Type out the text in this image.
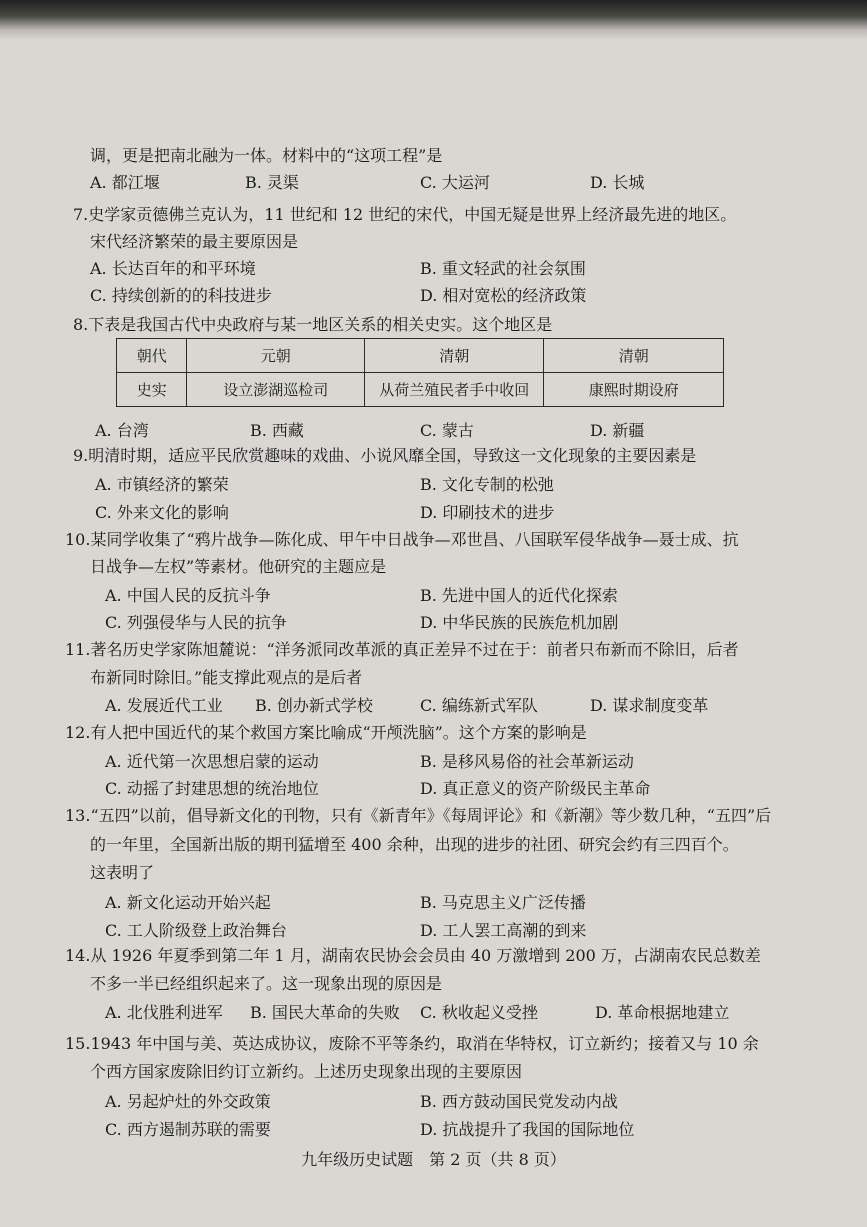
朝代	元朝	清朝	清朝
史实	设立澎湖巡检司	从荷兰殖民者手中收回	康熙时期设府
九年级历史试题　第 2 页（共 8 页）
调，更是把南北融为一体。材料中的“这项工程”是
7.史学家贡德佛兰克认为，11 世纪和 12 世纪的宋代，中国无疑是世界上经济最先进的地区。
宋代经济繁荣的最主要原因是
8.下表是我国古代中央政府与某一地区关系的相关史实。这个地区是
9.明清时期，适应平民欣赏趣味的戏曲、小说风靡全国，导致这一文化现象的主要因素是
10.某同学收集了“鸦片战争—陈化成、甲午中日战争—邓世昌、八国联军侵华战争—聂士成、抗
日战争—左权”等素材。他研究的主题应是
11.著名历史学家陈旭麓说：“洋务派同改革派的真正差异不过在于：前者只布新而不除旧，后者
布新同时除旧。”能支撑此观点的是后者
12.有人把中国近代的某个救国方案比喻成“开颅洗脑”。这个方案的影响是
13.“五四”以前，倡导新文化的刊物，只有《新青年》《每周评论》和《新潮》等少数几种，“五四”后
的一年里，全国新出版的期刊猛增至 400 余种，出现的进步的社团、研究会约有三四百个。
这表明了
14.从 1926 年夏季到第二年 1 月，湖南农民协会会员由 40 万激增到 200 万，占湖南农民总数差
不多一半已经组织起来了。这一现象出现的原因是
15.1943 年中国与美、英达成协议，废除不平等条约，取消在华特权，订立新约；接着又与 10 余
个西方国家废除旧约订立新约。上述历史现象出现的主要原因
A. 都江堰	B. 灵渠	C. 大运河	D. 长城
A. 长达百年的和平环境	B. 重文轻武的社会氛围
C. 持续创新的的科技进步	D. 相对宽松的经济政策
A. 台湾	B. 西藏	C. 蒙古	D. 新疆
A. 市镇经济的繁荣	B. 文化专制的松弛
C. 外来文化的影响	D. 印刷技术的进步
A. 中国人民的反抗斗争	B. 先进中国人的近代化探索
C. 列强侵华与人民的抗争	D. 中华民族的民族危机加剧
A. 发展近代工业 B. 创办新式学校	C. 编练新式军队	D. 谋求制度变革
A. 近代第一次思想启蒙的运动	B. 是移风易俗的社会革新运动
C. 动摇了封建思想的统治地位	D. 真正意义的资产阶级民主革命
A. 新文化运动开始兴起	B. 马克思主义广泛传播
C. 工人阶级登上政治舞台	D. 工人罢工高潮的到来
A. 北伐胜利进军 B. 国民大革命的失败 C. 秋收起义受挫	D. 革命根据地建立
A. 另起炉灶的外交政策	B. 西方鼓动国民党发动内战
C. 西方遏制苏联的需要	D. 抗战提升了我国的国际地位
